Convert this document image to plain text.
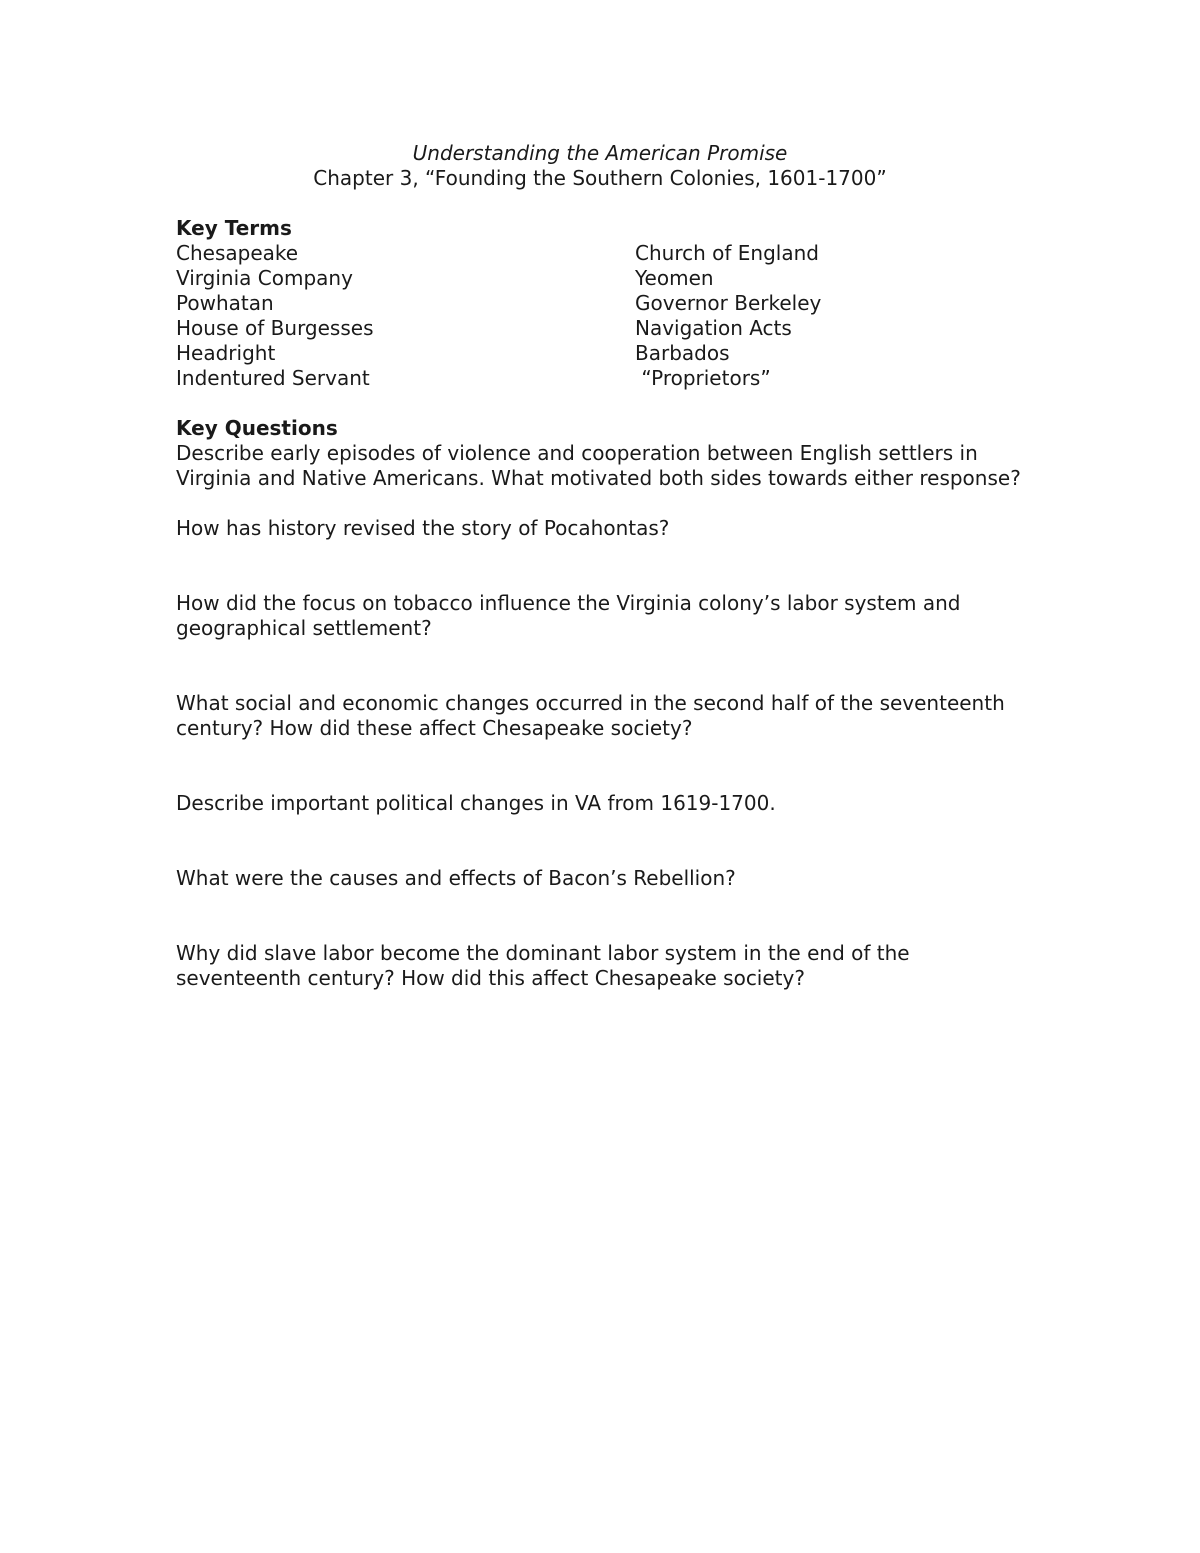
Understanding the American Promise

Chapter 3, “Founding the Southern Colonies, 1601-1700”

Key Terms

Chesapeake	Church of England
Virginia Company	Yeomen
Powhatan	Governor Berkeley
House of Burgesses	Navigation Acts
Headright	Barbados
Indentured Servant	“Proprietors”

Key Questions

Describe early episodes of violence and cooperation between English settlers in Virginia and Native Americans. What motivated both sides towards either response?

How has history revised the story of Pocahontas?

How did the focus on tobacco influence the Virginia colony’s labor system and geographical settlement?

What social and economic changes occurred in the second half of the seventeenth century? How did these affect Chesapeake society?

Describe important political changes in VA from 1619-1700.

What were the causes and effects of Bacon’s Rebellion?

Why did slave labor become the dominant labor system in the end of the seventeenth century? How did this affect Chesapeake society?
